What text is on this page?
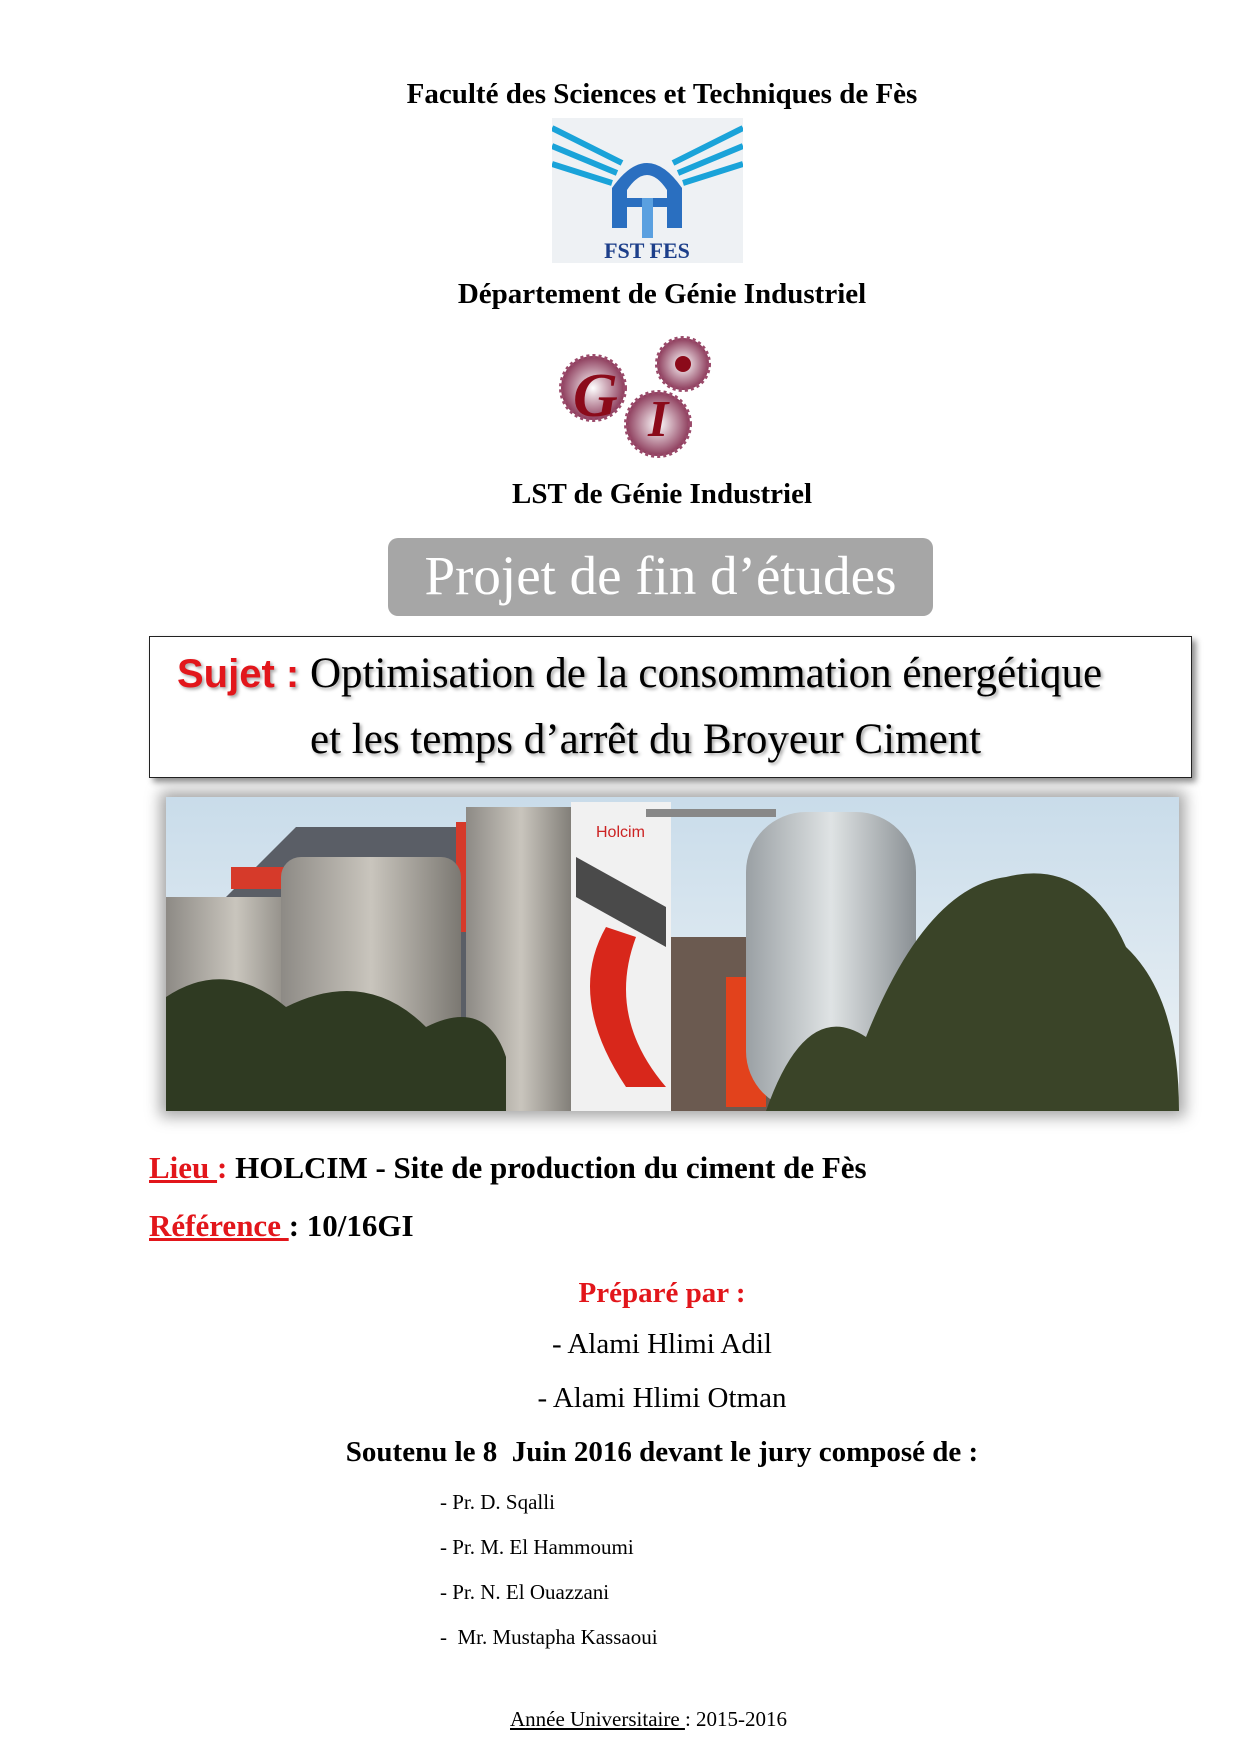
Faculté des Sciences et Techniques de Fès
FST FES
Département de Génie Industriel
G I
LST de Génie Industriel
Projet de fin d’études
Sujet : Optimisation de la consommation énergétique
et les temps d’arrêt du Broyeur Ciment
Holcim
Lieu : HOLCIM - Site de production du ciment de Fès
Référence : 10/16GI
Préparé par :
- Alami Hlimi Adil
- Alami Hlimi Otman
Soutenu le 8  Juin 2016 devant le jury composé de :
- Pr. D. Sqalli
- Pr. M. El Hammoumi
- Pr. N. El Ouazzani
-  Mr. Mustapha Kassaoui
Année Universitaire : 2015-2016
